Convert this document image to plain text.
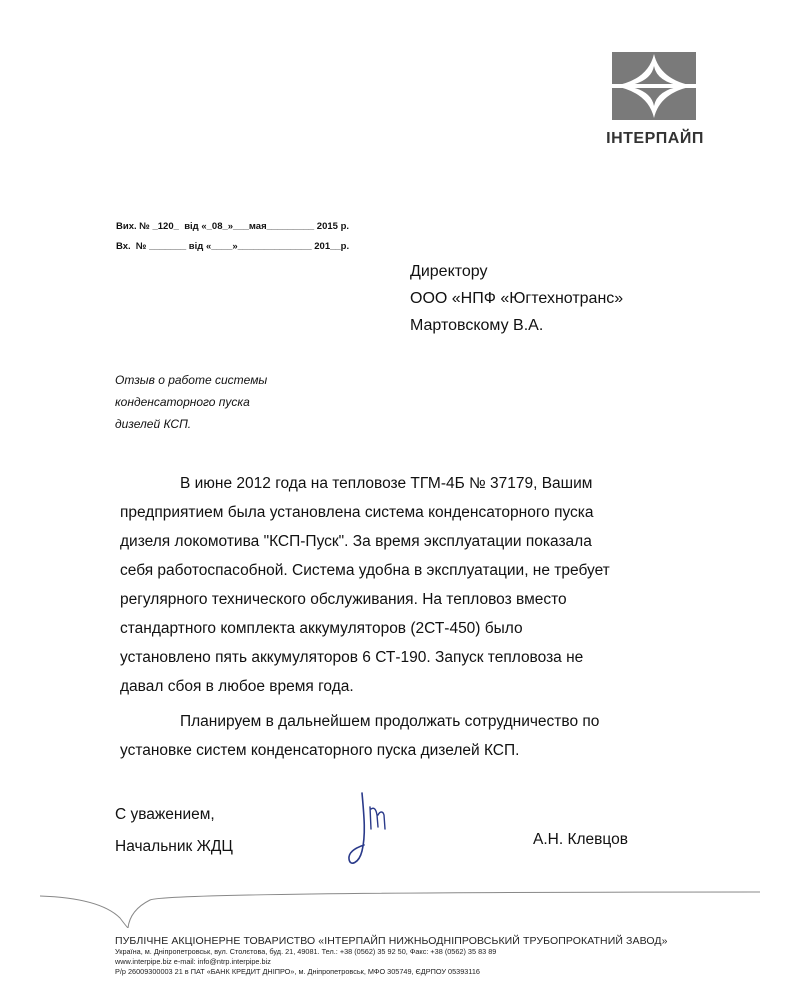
ІНТЕРПАЙП
Вих. № _120_  від «_08_»___мая_________ 2015 р.
Вх.  № _______ від «____»______________ 201__р.
Директору
ООО «НПФ «Югтехнотранс»
Мартовскому В.А.
Отзыв о работе системы
конденсаторного пуска
дизелей КСП.
В июне 2012 года на тепловозе ТГМ-4Б № 37179, Вашим
предприятием была установлена система конденсаторного пуска
дизеля локомотива "КСП-Пуск". За время эксплуатации показала
себя работоспасобной. Система удобна в эксплуатации, не требует
регулярного технического обслуживания. На тепловоз вместо
стандартного комплекта аккумуляторов (2СТ-450) было
установлено пять аккумуляторов 6 СТ-190. Запуск тепловоза не
давал сбоя в любое время года.
Планируем в дальнейшем продолжать сотрудничество по
установке систем конденсаторного пуска дизелей КСП.
С уважением,
Начальник ЖДЦ	А.Н. Клевцов
ПУБЛІЧНЕ АКЦІОНЕРНЕ ТОВАРИСТВО «ІНТЕРПАЙП НИЖНЬОДНІПРОВСЬКИЙ ТРУБОПРОКАТНИЙ ЗАВОД»
Україна, м. Дніпропетровськ, вул. Столєтова, буд. 21, 49081. Тел.: +38 (0562) 35 92 50, Факс: +38 (0562) 35 83 89
www.interpipe.biz e-mail: info@ntrp.interpipe.biz
Р/р 26009300003 21 в ПАТ «БАНК КРЕДИТ ДНІПРО», м. Дніпропетровськ, МФО 305749, ЄДРПОУ 05393116
